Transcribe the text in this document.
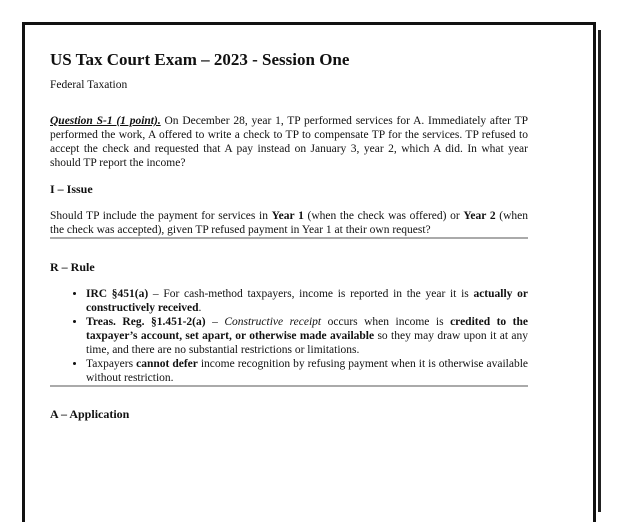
US Tax Court Exam – 2023 - Session One
Federal Taxation

Question S-1 (1 point). On December 28, year 1, TP performed services for A. Immediately after TP performed the work, A offered to write a check to TP to compensate TP for the services. TP refused to accept the check and requested that A pay instead on January 3, year 2, which A did. In what year should TP report the income?

I – Issue

Should TP include the payment for services in Year 1 (when the check was offered) or Year 2 (when the check was accepted), given TP refused payment in Year 1 at their own request?

R – Rule
• IRC §451(a) – For cash-method taxpayers, income is reported in the year it is actually or constructively received.
• Treas. Reg. §1.451-2(a) – Constructive receipt occurs when income is credited to the taxpayer’s account, set apart, or otherwise made available so they may draw upon it at any time, and there are no substantial restrictions or limitations.
• Taxpayers cannot defer income recognition by refusing payment when it is otherwise available without restriction.
A – Application
